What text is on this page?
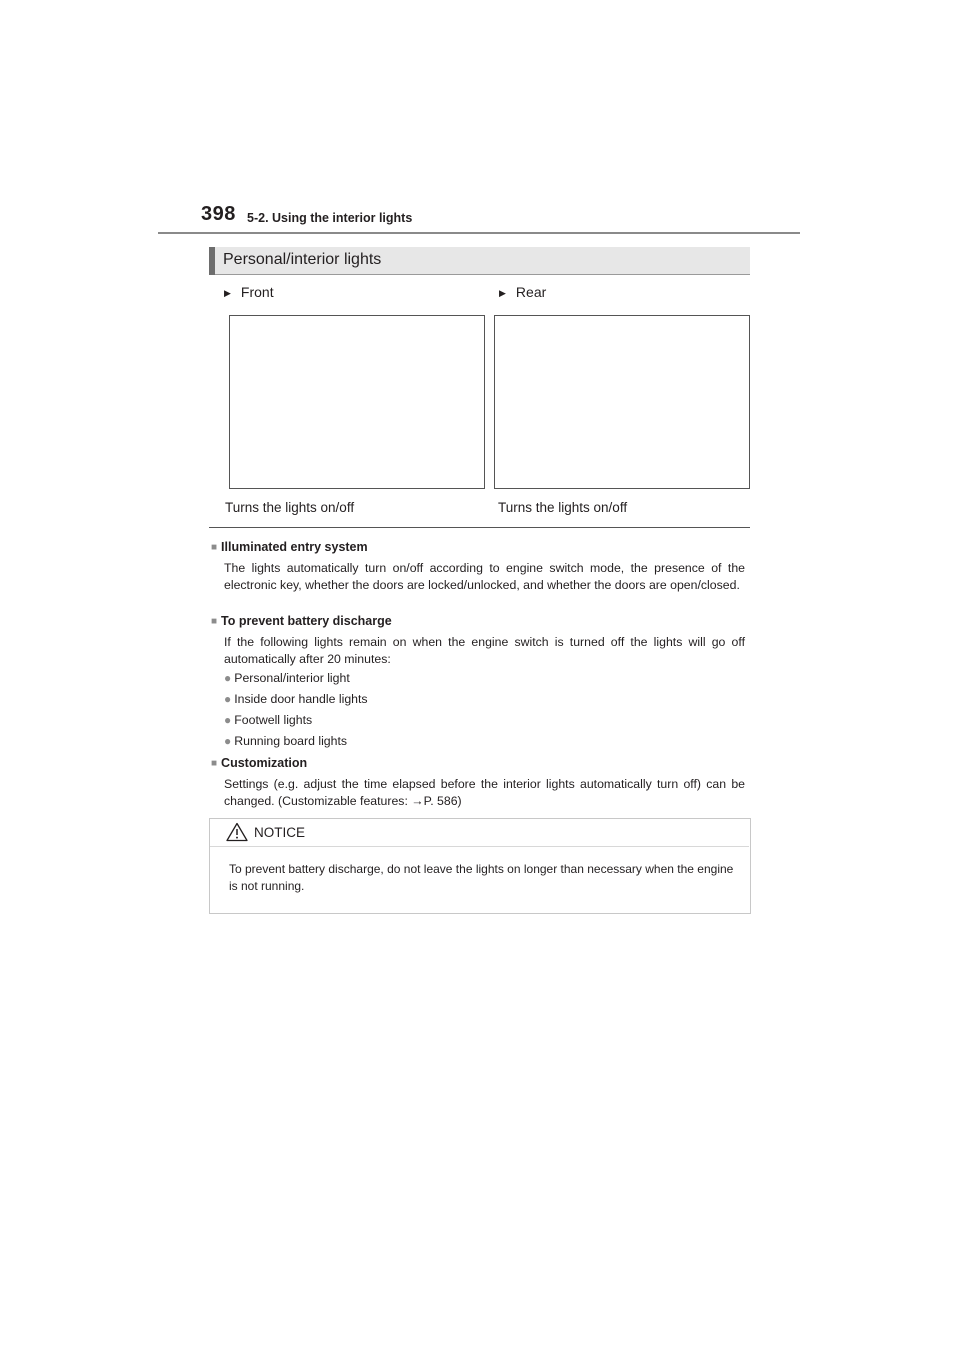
398 5-2. Using the interior lights
Personal/interior lights
▶ Front	▶ Rear
Turns the lights on/off	Turns the lights on/off
■ Illuminated entry system
The lights automatically turn on/off according to engine switch mode, the presence of the electronic key, whether the doors are locked/unlocked, and whether the doors are open/closed.
■ To prevent battery discharge
If the following lights remain on when the engine switch is turned off the lights will go off automatically after 20 minutes:
● Personal/interior light
● Inside door handle lights
● Footwell lights
● Running board lights
■ Customization
Settings (e.g. adjust the time elapsed before the interior lights automatically turn off) can be changed. (Customizable features: →P. 586)
NOTICE
To prevent battery discharge, do not leave the lights on longer than necessary when the engine is not running.
